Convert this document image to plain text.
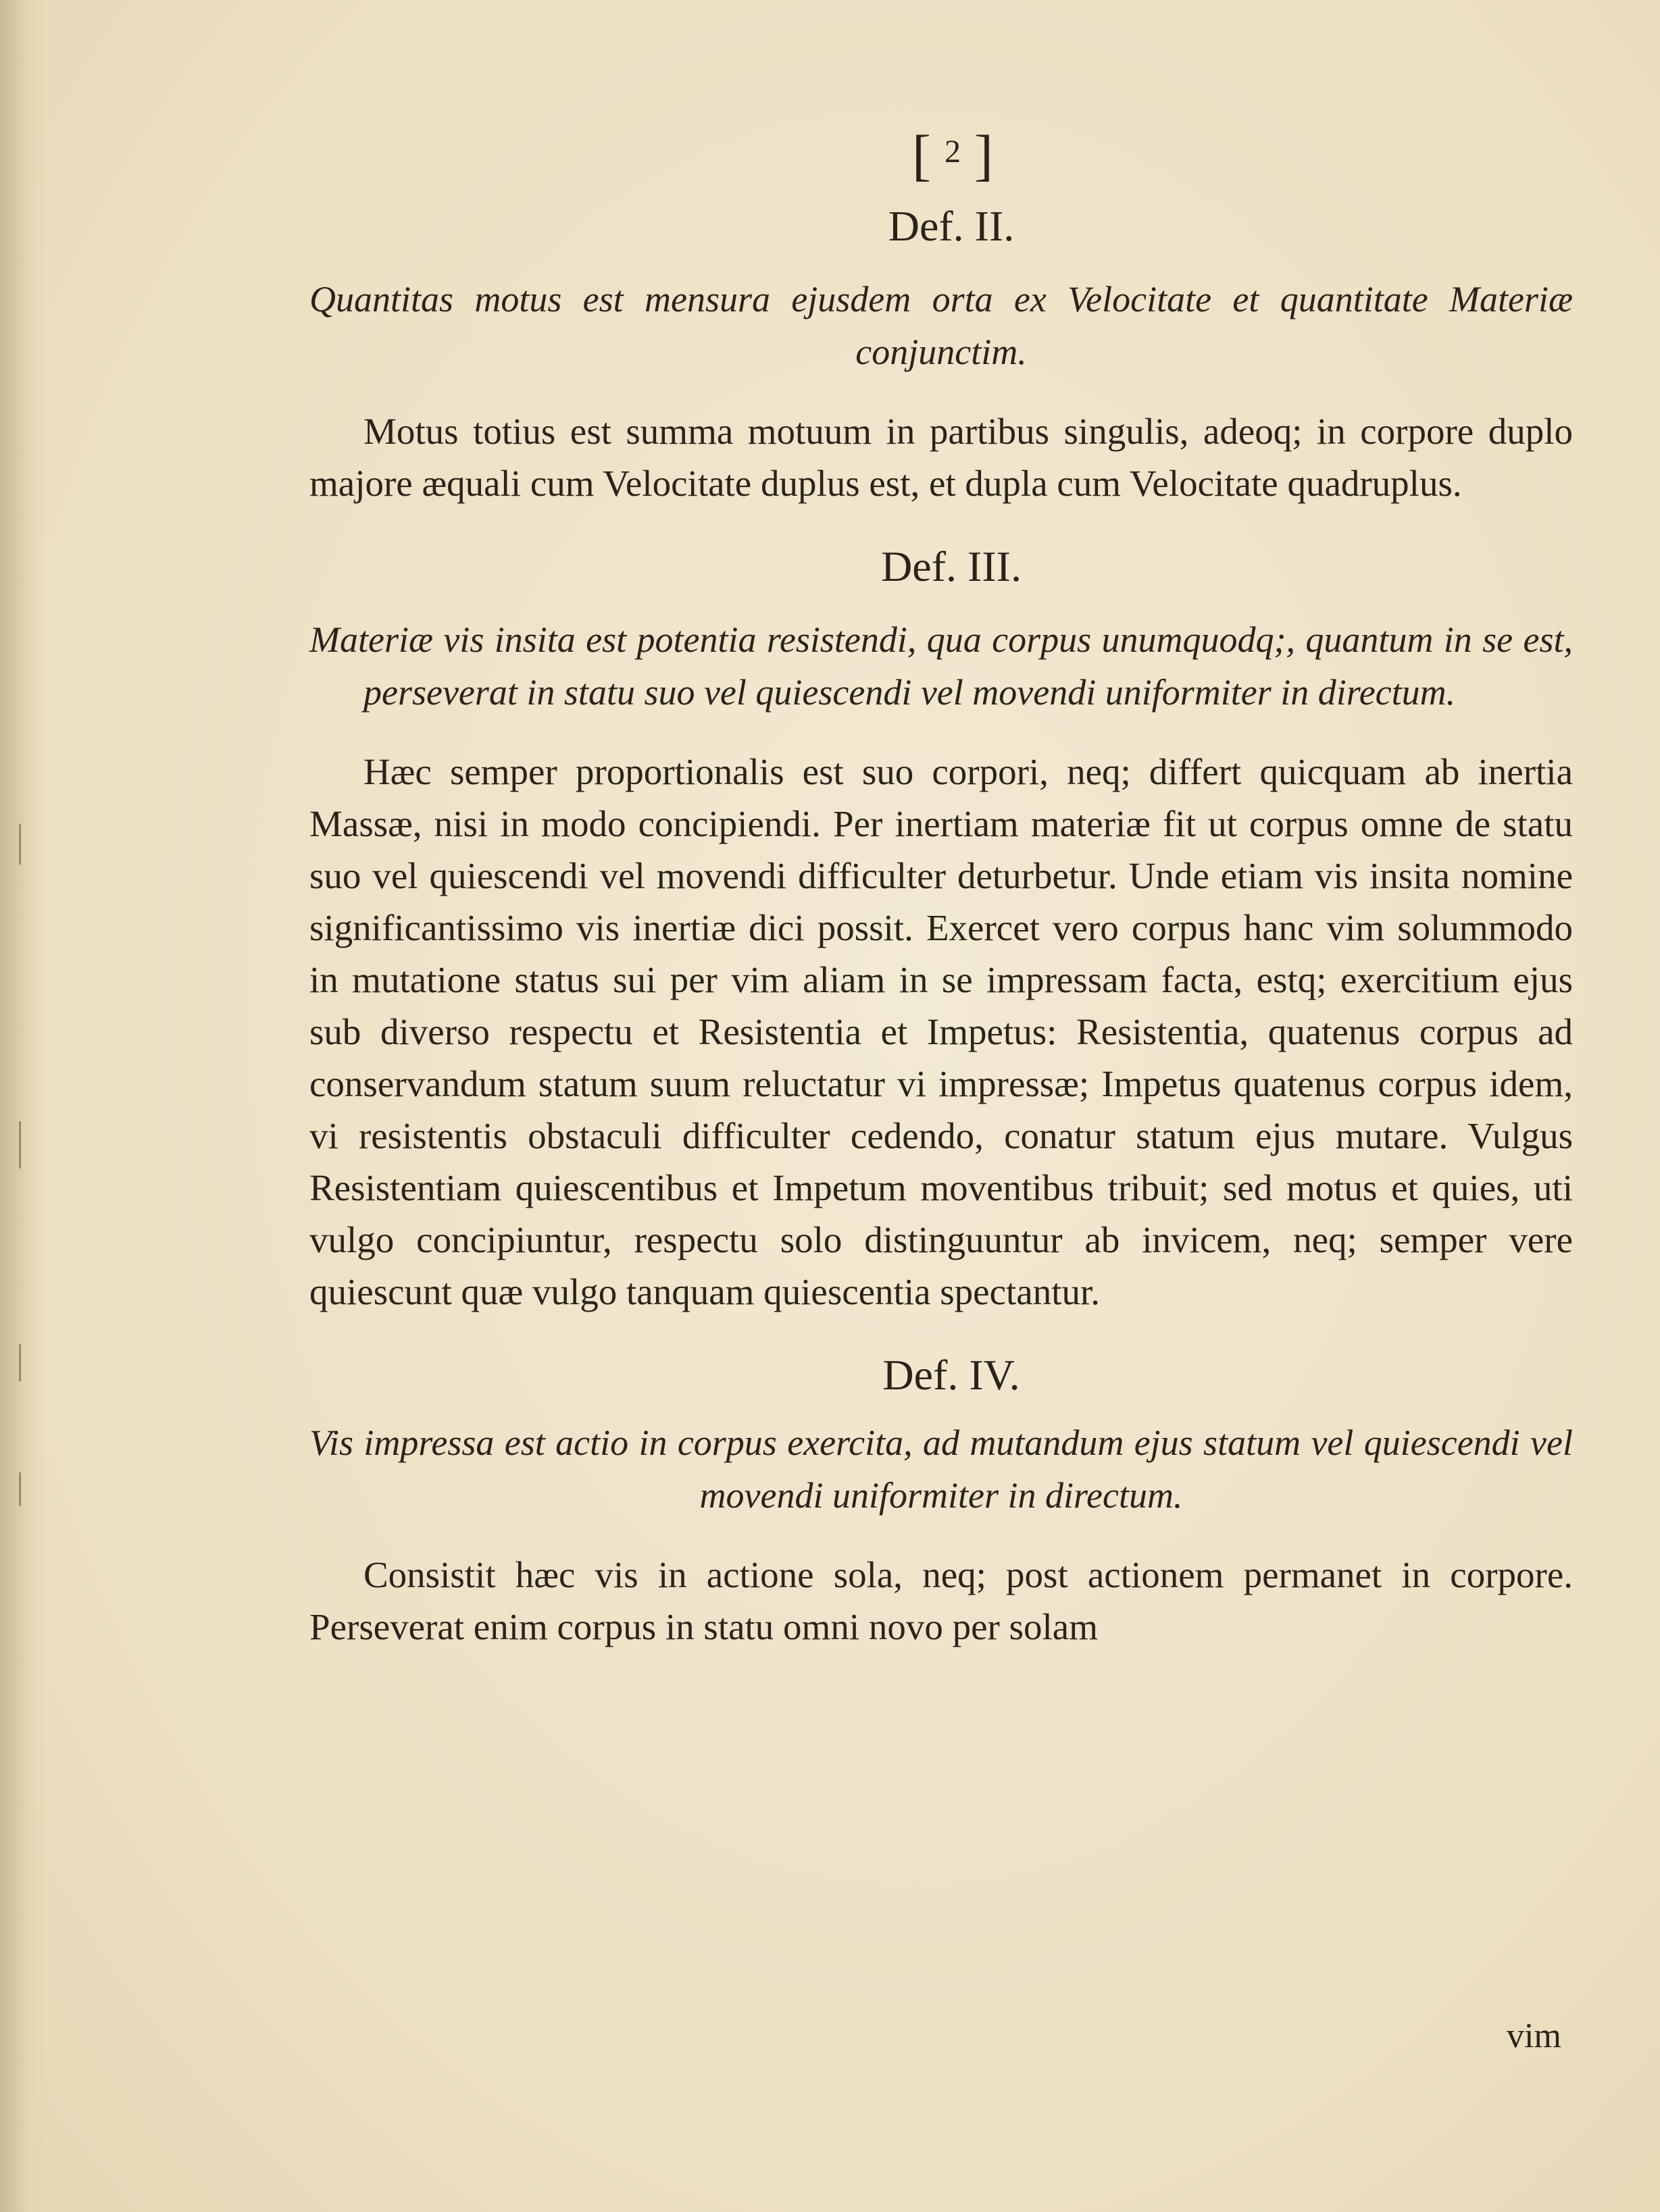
[ $^2$ ]
Def. II.
Quantitas motus est mensura ejusdem orta ex Velocitate et quantitate Materiæ conjunctim.

Motus totius est summa motuum in partibus singulis, adeoq; in corpore duplo majore æquali cum Velocitate duplus est, et dupla cum Velocitate quadruplus.

Def. III.
Materiæ vis insita est potentia resistendi, qua corpus unumquodq;, quantum in se est, perseverat in statu suo vel quiescendi vel movendi uniformiter in directum.

Hæc semper proportionalis est suo corpori, neq; differt quicquam ab inertia Massæ, nisi in modo concipiendi. Per inertiam materiæ fit ut corpus omne de statu suo vel quiescendi vel movendi difficulter deturbetur. Unde etiam vis insita nomine significantissimo vis inertiæ dici possit. Exercet vero corpus hanc vim solummodo in mutatione status sui per vim aliam in se impressam facta, estq; exercitium ejus sub diverso respectu et Resistentia et Impetus: Resistentia, quatenus corpus ad conservandum statum suum reluctatur vi impressæ; Impetus quatenus corpus idem, vi resistentis obstaculi difficulter cedendo, conatur statum ejus mutare. Vulgus Resistentiam quiescentibus et Impetum moventibus tribuit; sed motus et quies, uti vulgo concipiuntur, respectu solo distinguuntur ab invicem, neq; semper vere quiescunt quæ vulgo tanquam quiescentia spectantur.

Def. IV.
Vis impressa est actio in corpus exercita, ad mutandum ejus statum vel quiescendi vel movendi uniformiter in directum.

Consistit hæc vis in actione sola, neq; post actionem permanet in corpore. Perseverat enim corpus in statu omni novo per solam

vim
